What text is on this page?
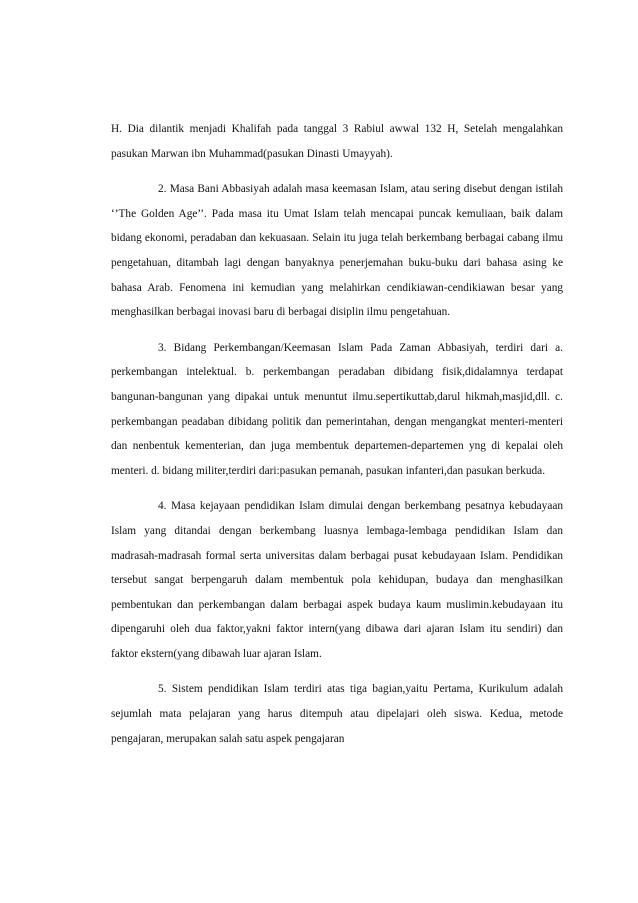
H. Dia dilantik menjadi Khalifah pada tanggal 3 Rabiul awwal 132 H, Setelah mengalahkan pasukan Marwan ibn Muhammad(pasukan Dinasti Umayyah).

2. Masa Bani Abbasiyah adalah masa keemasan Islam, atau sering disebut dengan istilah ‘’The Golden Age’’. Pada masa itu Umat Islam telah mencapai puncak kemuliaan, baik dalam bidang ekonomi, peradaban dan kekuasaan. Selain itu juga telah berkembang berbagai cabang ilmu pengetahuan, ditambah lagi dengan banyaknya penerjemahan buku-buku dari bahasa asing ke bahasa Arab. Fenomena ini kemudian yang melahirkan cendikiawan-cendikiawan besar yang menghasilkan berbagai inovasi baru di berbagai disiplin ilmu pengetahuan.

3. Bidang Perkembangan/Keemasan Islam Pada Zaman Abbasiyah, terdiri dari a. perkembangan intelektual. b. perkembangan peradaban dibidang fisik,didalamnya terdapat bangunan-bangunan yang dipakai untuk menuntut ilmu.sepertikuttab,darul hikmah,masjid,dll. c. perkembangan peadaban dibidang politik dan pemerintahan, dengan mengangkat menteri-menteri dan nenbentuk kementerian, dan juga membentuk departemen-departemen yng di kepalai oleh menteri. d. bidang militer,terdiri dari:pasukan pemanah, pasukan infanteri,dan pasukan berkuda.

4. Masa kejayaan pendidikan Islam dimulai dengan berkembang pesatnya kebudayaan Islam yang ditandai dengan berkembang luasnya lembaga-lembaga pendidikan Islam dan madrasah-madrasah formal serta universitas dalam berbagai pusat kebudayaan Islam. Pendidikan tersebut sangat berpengaruh dalam membentuk pola kehidupan, budaya dan menghasilkan pembentukan dan perkembangan dalam berbagai aspek budaya kaum muslimin.kebudayaan itu dipengaruhi oleh dua faktor,yakni faktor intern(yang dibawa dari ajaran Islam itu sendiri) dan faktor ekstern(yang dibawah luar ajaran Islam.

5. Sistem pendidikan Islam terdiri atas tiga bagian,yaitu Pertama, Kurikulum adalah sejumlah mata pelajaran yang harus ditempuh atau dipelajari oleh siswa. Kedua, metode pengajaran, merupakan salah satu aspek pengajaran
